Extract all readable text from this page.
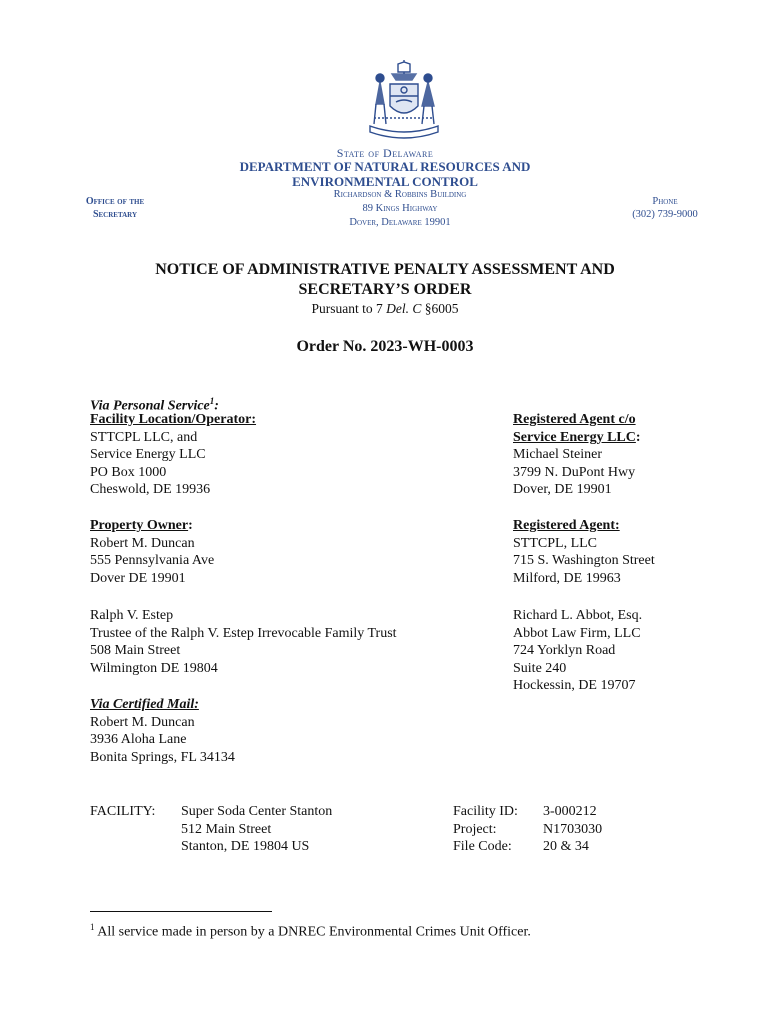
State of Delaware
DEPARTMENT OF NATURAL RESOURCES AND
ENVIRONMENTAL CONTROL
Richardson & Robbins Building
89 Kings Highway
Dover, Delaware 19901
Office of the
Secretary
Phone
(302) 739-9000
NOTICE OF ADMINISTRATIVE PENALTY ASSESSMENT AND
SECRETARY’S ORDER
Pursuant to 7 Del. C §6005
Order No. 2023-WH-0003
Via Personal Service$^1$:
Facility Location/Operator:
STTCPL LLC, and
Service Energy LLC
PO Box 1000
Cheswold, DE 19936
Registered Agent c/o
Service Energy LLC:
Michael Steiner
3799 N. DuPont Hwy
Dover, DE 19901
Property Owner:
Robert M. Duncan
555 Pennsylvania Ave
Dover DE 19901
Registered Agent:
STTCPL, LLC
715 S. Washington Street
Milford, DE 19963
Ralph V. Estep
Trustee of the Ralph V. Estep Irrevocable Family Trust
508 Main Street
Wilmington DE 19804
Richard L. Abbot, Esq.
Abbot Law Firm, LLC
724 Yorklyn Road
Suite 240
Hockessin, DE 19707
Via Certified Mail:
Robert M. Duncan
3936 Aloha Lane
Bonita Springs, FL 34134
FACILITY: Super Soda Center Stanton
512 Main Street
Stanton, DE 19804 US
Facility ID:
Project:
File Code:
3-000212
N1703030
20 & 34
$^1$ All service made in person by a DNREC Environmental Crimes Unit Officer.
